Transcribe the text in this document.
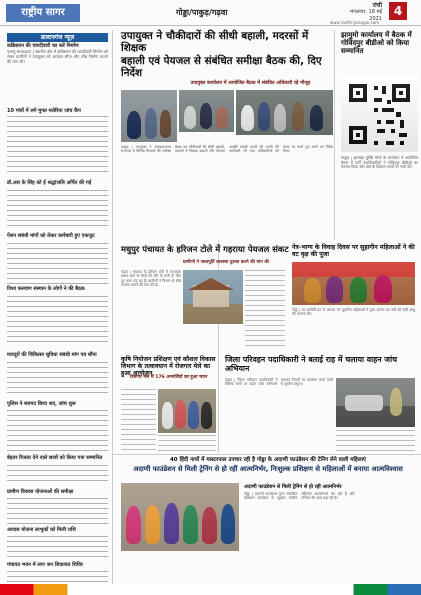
राष्ट्रीय सागर	गोड्डा/पाकुड़/गढ़वा
रांची
मंगलवार, 18 मई 2021
4
www.rashtriyasagar.com
डाल्टनगंज न्यूज़
कब्रिस्तान की चारदीवारी का करें निर्माण
पलामू संवाददाता | स्थानीय क्षेत्र में कब्रिस्तान की चारदीवारी निर्माण को लेकर ग्रामीणों ने उपायुक्त को आवेदन सौंपा और शीघ्र निर्माण कराने की मांग की।
10 गांवों में लगे मुफ्त मलेरिया जांच कैंप
डॉ.आर के सिंह को ई श्रद्धांजलि अर्पित की गई
पेंशन संबंधी मांगों को लेकर कर्मचारी हुए एकजुट
विश्व कल्याण संस्थान के लोगों ने की बैठक
मजदूरों की चिकित्सा सुविधा संबंधी मांग पत्र सौंपा
पुलिस ने बरामद किया शव, जांच शुरू
बेहतर रिजल्ट देने वाले छात्रों को किया गया सम्मानित
ग्रामीण विकास योजनाओं की समीक्षा
आवास योजना लाभुकों को मिली राशि
पंचायत भवन में लगा जन शिकायत शिविर
उपायुक्त ने चौकीदारों की सीधी बहाली, मदरसों में शिक्षक
बहाली एवं पेयजल से संबंधित समीक्षा बैठक की, दिए निर्देश
उपायुक्त कार्यालय में आयोजित बैठक में संबंधित अधिकारी रहे मौजूद
पाकुड़ | उपायुक्त ने समाहरणालय सभागार में विभिन्न विभागों की समीक्षा बैठक कर चौकीदारों की सीधी बहाली, मदरसों में शिक्षक बहाली और पेयजल आपूर्ति संबंधी कार्यों की प्रगति की जानकारी ली तथा अधिकारियों को समय पर कार्य पूरा करने का निर्देश दिया।
झामुमो कार्यालय में बैठक में गोविंदपुर बीडीओ को किया सम्मानित
पाकुड़ | झारखंड मुक्ति मोर्चा के कार्यालय में आयोजित बैठक में पार्टी पदाधिकारियों ने गोविंदपुर बीडीओ का स्वागत किया और क्षेत्र के विकास कार्यों पर चर्चा की।
मधुपुर पंचायत के हरिजन टोले में गहराया पेयजल संकट
ग्रामीणों ने जलापूर्ति व्यवस्था दुरुस्त करने की मांग की
गढ़वा | पंचायत के हरिजन टोले में चापाकल खराब रहने से लोगों को पीने के पानी के लिए दूर जाना पड़ रहा है। ग्रामीणों ने विभाग से शीघ्र मरम्मत कराने की मांग की है।
नेत्र-भाग्य के विवाह दिवस पर सुहागीन महिलाओं ने की वट वृक्ष की पूजा
गोड्डा | वट सावित्री व्रत के अवसर पर सुहागिन महिलाओं ने पूजा-अर्चना कर पति की लंबी आयु की कामना की।
कृषि नियोजन प्रशिक्षण एवं कौशल विकास विभाग के तत्वावधान में रोजगार मेले का हुआ आयोजन
रोजगार मेले में 176 अभ्यर्थियों का हुआ चयन
जिला परिवहन पदाधिकारी ने बताई राह में चलाया वाहन जांच अभियान
गढ़वा | जिला परिवहन पदाधिकारी ने विभिन्न मार्गों पर वाहन जांच अभियान चलाकर नियमों का उल्लंघन करने वालों से जुर्माना वसूला।
40 हिंदी नायों में मास्टरपाल उपचार रही है गोड्डा के अदाणी फाउंडेशन की टेनिंग लेने वाली महिलाएं
अदाणी फाउंडेशन से मिली ट्रेनिंग से हो रहीं आत्मनिर्भर, निःशुल्क प्रशिक्षण से महिलाओं में बनाया आत्मविश्वास
अदाणी फाउंडेशन से मिली ट्रेनिंग से हो रहीं आत्मनिर्भर
गोड्डा | अदाणी फाउंडेशन द्वारा संचालित प्रशिक्षण कार्यक्रम से जुड़कर ग्रामीण महिलाएं आत्मनिर्भर बन रही हैं और परिवार की आय बढ़ा रही हैं।
